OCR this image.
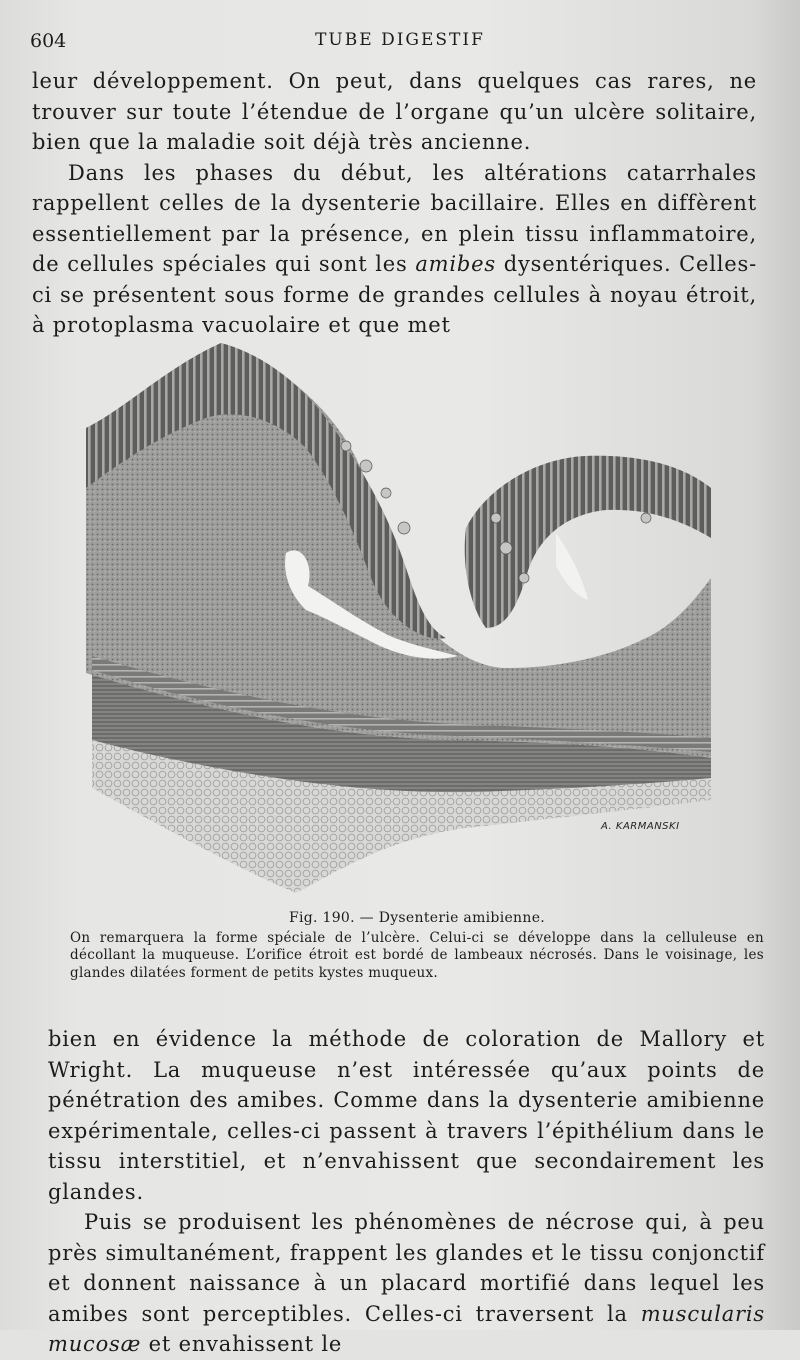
604	TUBE DIGESTIF

leur développement. On peut, dans quelques cas rares, ne trouver sur toute l’étendue de l’organe qu’un ulcère solitaire, bien que la maladie soit déjà très ancienne.

Dans les phases du début, les altérations catarrhales rappellent celles de la dysenterie bacillaire. Elles en diffèrent essentiellement par la présence, en plein tissu inflammatoire, de cellules spéciales qui sont les amibes dysentériques. Celles-ci se présentent sous forme de grandes cellules à noyau étroit, à protoplasma vacuolaire et que met

A. KARMANSKI
Fig. 190. — Dysenterie amibienne.

On remarquera la forme spéciale de l’ulcère. Celui-ci se développe dans la celluleuse en décollant la muqueuse. L’orifice étroit est bordé de lambeaux nécrosés. Dans le voisinage, les glandes dilatées forment de petits kystes muqueux.

bien en évidence la méthode de coloration de Mallory et Wright. La muqueuse n’est intéressée qu’aux points de pénétration des amibes. Comme dans la dysenterie amibienne expérimentale, celles-ci passent à travers l’épithélium dans le tissu interstitiel, et n’envahissent que secondairement les glandes.

Puis se produisent les phénomènes de nécrose qui, à peu près simultanément, frappent les glandes et le tissu conjonctif et donnent naissance à un placard mortifié dans lequel les amibes sont perceptibles. Celles-ci traversent la muscularis mucosæ et envahissent le
